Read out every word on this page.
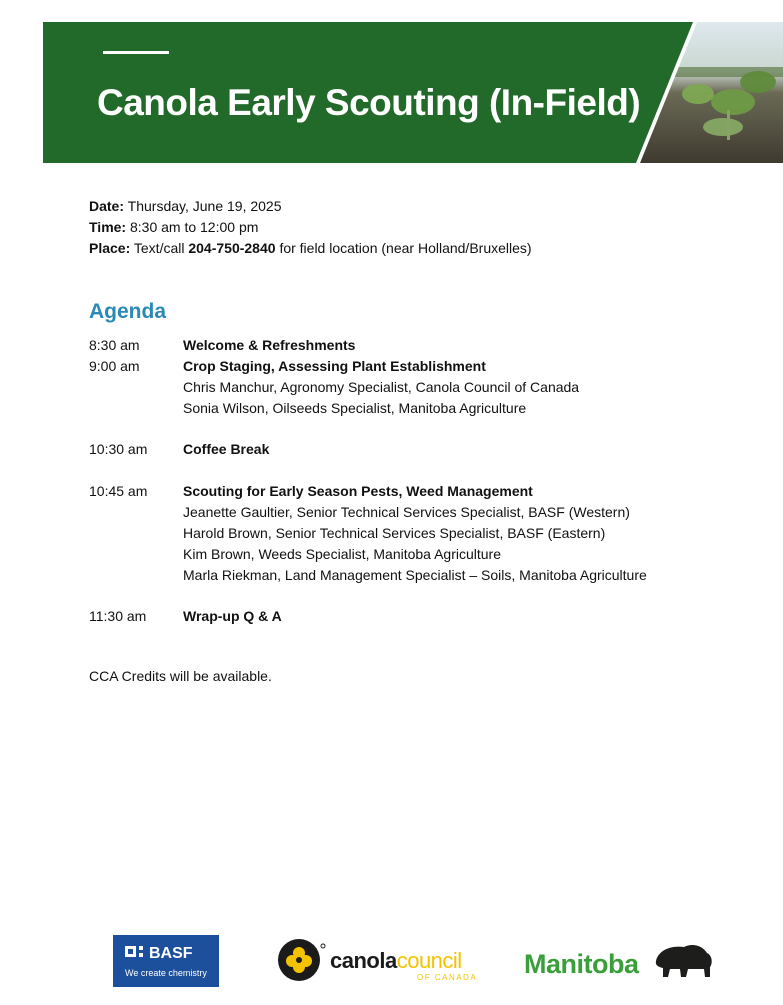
Canola Early Scouting (In-Field)
Date: Thursday, June 19, 2025
Time: 8:30 am to 12:00 pm
Place: Text/call 204-750-2840 for field location (near Holland/Bruxelles)
Agenda
8:30 am	Welcome & Refreshments
9:00 am	Crop Staging, Assessing Plant Establishment
Chris Manchur, Agronomy Specialist, Canola Council of Canada
Sonia Wilson, Oilseeds Specialist, Manitoba Agriculture
10:30 am	Coffee Break
10:45 am	Scouting for Early Season Pests, Weed Management
Jeanette Gaultier, Senior Technical Services Specialist, BASF (Western)
Harold Brown, Senior Technical Services Specialist, BASF (Eastern)
Kim Brown, Weeds Specialist, Manitoba Agriculture
Marla Riekman, Land Management Specialist – Soils, Manitoba Agriculture
11:30 am	Wrap-up Q & A
CCA Credits will be available.
BASF
We create chemistry	canolacouncil
OF CANADA Manitoba
